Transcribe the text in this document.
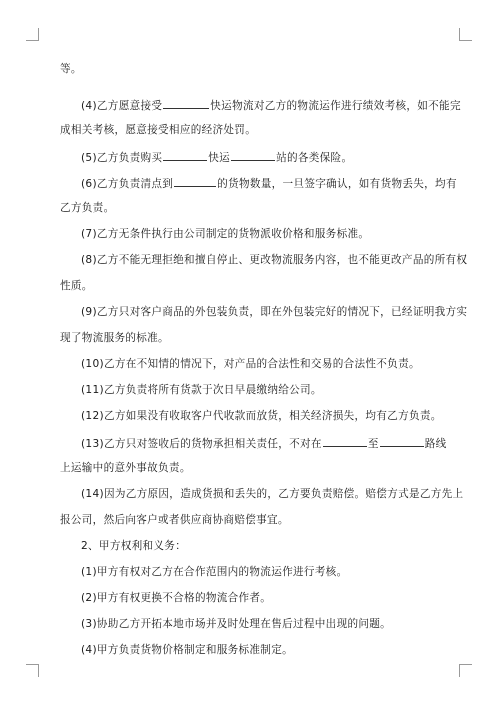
等。
(4)乙方愿意接受	快运物流对乙方的物流运作进行绩效考核，如不能完
成相关考核，愿意接受相应的经济处罚。
(5)乙方负责购买	快运	站的各类保险。
(6)乙方负责清点到	的货物数量，一旦签字确认，如有货物丢失，均有
乙方负责。
(7)乙方无条件执行由公司制定的货物派收价格和服务标准。
(8)乙方不能无理拒绝和擅自停止、更改物流服务内容，也不能更改产品的所有权
性质。
(9)乙方只对客户商品的外包装负责，即在外包装完好的情况下，已经证明我方实
现了物流服务的标准。
(10)乙方在不知情的情况下，对产品的合法性和交易的合法性不负责。
(11)乙方负责将所有货款于次日早晨缴纳给公司。
(12)乙方如果没有收取客户代收款而放货，相关经济损失，均有乙方负责。
(13)乙方只对签收后的货物承担相关责任，不对在	至	路线
上运输中的意外事故负责。
(14)因为乙方原因，造成货损和丢失的，乙方要负责赔偿。赔偿方式是乙方先上
报公司，然后向客户或者供应商协商赔偿事宜。
2、甲方权利和义务：
(1)甲方有权对乙方在合作范围内的物流运作进行考核。
(2)甲方有权更换不合格的物流合作者。
(3)协助乙方开拓本地市场并及时处理在售后过程中出现的问题。
(4)甲方负责货物价格制定和服务标准制定。
